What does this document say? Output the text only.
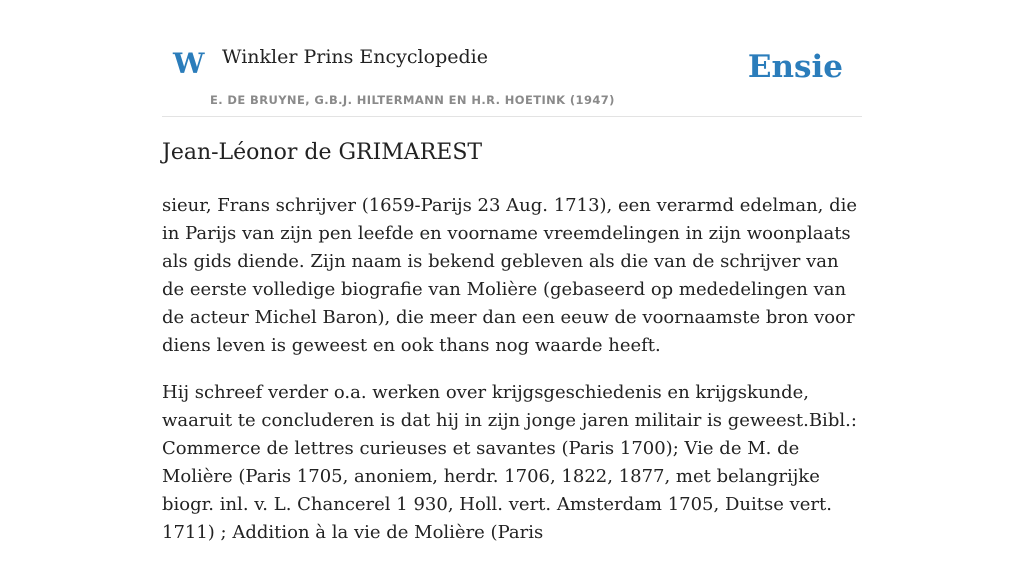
W Winkler Prins Encyclopedie
E. DE BRUYNE, G.B.J. HILTERMANN EN H.R. HOETINK (1947)
Ensie
Jean-Léonor de GRIMAREST

sieur, Frans schrijver (1659-Parijs 23 Aug. 1713), een verarmd edelman, die in Parijs van zijn pen leefde en voorname vreemdelingen in zijn woonplaats als gids diende. Zijn naam is bekend gebleven als die van de schrijver van de eerste volledige biografie van Molière (gebaseerd op mededelingen van de acteur Michel Baron), die meer dan een eeuw de voornaamste bron voor diens leven is geweest en ook thans nog waarde heeft.

Hij schreef verder o.a. werken over krijgsgeschiedenis en krijgskunde, waaruit te concluderen is dat hij in zijn jonge jaren militair is geweest.Bibl.: Commerce de lettres curieuses et savantes (Paris 1700); Vie de M. de Molière (Paris 1705, anoniem, herdr. 1706, 1822, 1877, met belangrijke biogr. inl. v. L. Chancerel 1 930, Holl. vert. Amsterdam 1705, Duitse vert. 1711) ; Addition à la vie de Molière (Paris
